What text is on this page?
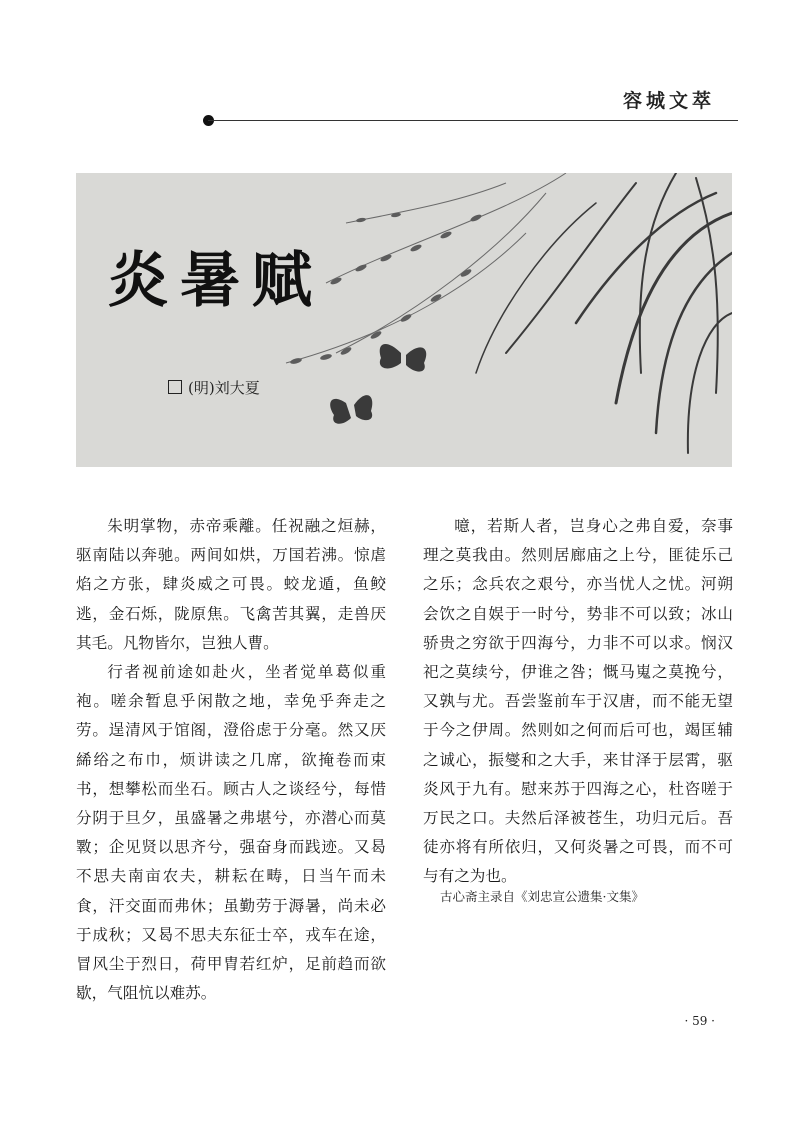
容城文萃
炎暑赋
(明)刘大夏

朱明掌物，赤帝乘離。任祝融之烜赫，驱南陆以奔驰。两间如烘，万国若沸。惊虐焰之方张，肆炎威之可畏。蛟龙遁，鱼鲛逃，金石烁，陇原焦。飞禽苦其翼，走兽厌其毛。凡物皆尔，岂独人曹。

行者视前途如赴火，坐者觉单葛似重袍。嗟余暂息乎闲散之地，幸免乎奔走之劳。逞清风于馆阁，澄俗虑于分毫。然又厌絺绤之布巾，烦讲读之几席，欲掩卷而束书，想攀松而坐石。顾古人之谈经兮，每惜分阴于旦夕，虽盛暑之弗堪兮，亦潜心而莫斁；企见贤以思齐兮，强奋身而践迹。又曷不思夫南亩农夫，耕耘在畴，日当午而未食，汗交面而弗休；虽勤劳于溽暑，尚未必于成秋；又曷不思夫东征士卒，戎车在途，冒风尘于烈日，荷甲胄若红炉，足前趋而欲歇，气阻忼以难苏。

噫，若斯人者，岂身心之弗自爱，奈事理之莫我由。然则居廊庙之上兮，匪徒乐己之乐；念兵农之艰兮，亦当忧人之忧。河朔会饮之自娱于一时兮，势非不可以致；冰山骄贵之穷欲于四海兮，力非不可以求。悯汉祀之莫续兮，伊谁之咎；慨马嵬之莫挽兮，又孰与尤。吾尝鉴前车于汉唐，而不能无望于今之伊周。然则如之何而后可也，竭匡辅之诚心，振燮和之大手，来甘泽于层霄，驱炎风于九有。慰来苏于四海之心，杜咨嗟于万民之口。夫然后泽被苍生，功归元后。吾徒亦将有所依归，又何炎暑之可畏，而不可与有之为也。

古心斋主录自《刘忠宣公遗集·文集》
· 59 ·
